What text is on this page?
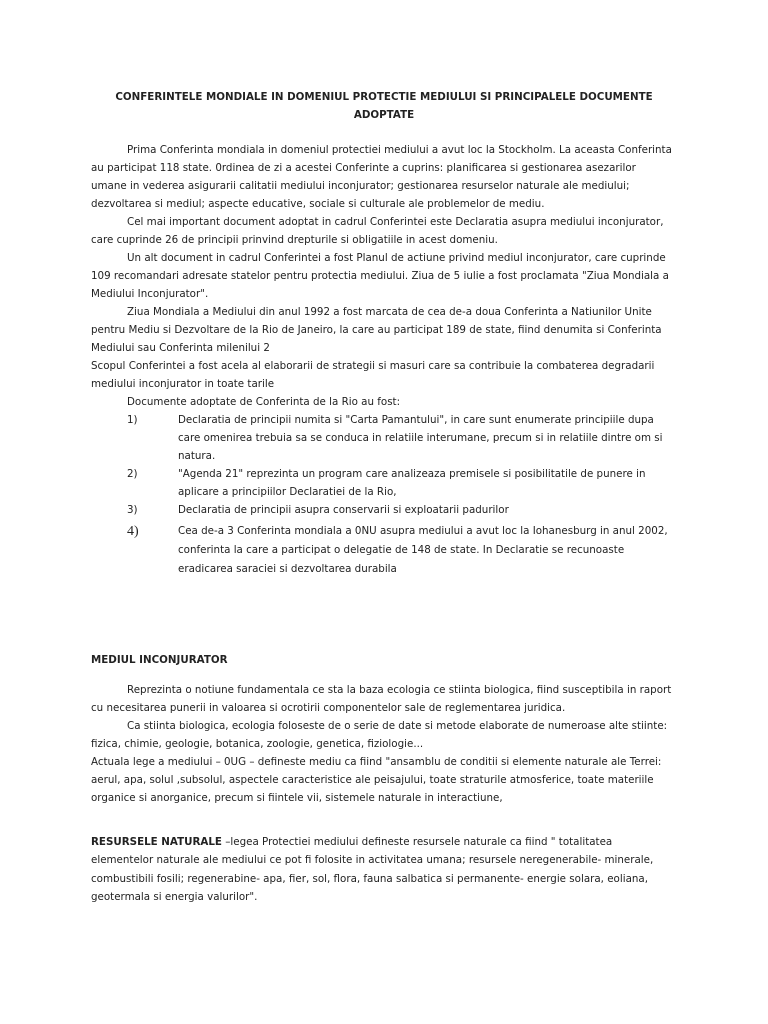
CONFERINTELE MONDIALE IN DOMENIUL PROTECTIE MEDIULUI SI PRINCIPALELE DOCUMENTE
ADOPTATE
Prima Conferinta mondiala in domeniul protectiei mediului a avut loc la Stockholm. La aceasta Conferinta
au participat 118 state. 0rdinea de zi a acestei Conferinte a cuprins: planificarea si gestionarea asezarilor
umane in vederea asigurarii calitatii mediului inconjurator; gestionarea resurselor naturale ale mediului;
dezvoltarea si mediul; aspecte educative, sociale si culturale ale problemelor de mediu.
Cel mai important document adoptat in cadrul Conferintei este Declaratia asupra mediului inconjurator,
care cuprinde 26 de principii prinvind drepturile si obligatiile in acest domeniu.
Un alt document in cadrul Conferintei a fost Planul de actiune privind mediul inconjurator, care cuprinde
109 recomandari adresate statelor pentru protectia mediului. Ziua de 5 iulie a fost proclamata "Ziua Mondiala a
Mediului Inconjurator".
Ziua Mondiala a Mediului din anul 1992 a fost marcata de cea de-a doua Conferinta a Natiunilor Unite
pentru Mediu si Dezvoltare de la Rio de Janeiro, la care au participat 189 de state, fiind denumita si Conferinta
Mediului sau Conferinta milenilui 2
Scopul Conferintei a fost acela al elaborarii de strategii si masuri care sa contribuie la combaterea degradarii
mediului inconjurator in toate tarile
Documente adoptate de Conferinta de la Rio au fost:
1)	Declaratia de principii numita si "Carta Pamantului", in care sunt enumerate principiile dupa
care omenirea trebuia sa se conduca in relatiile interumane, precum si in relatiile dintre om si
natura.
2)	"Agenda 21" reprezinta un program care analizeaza premisele si posibilitatile de punere in
aplicare a principiilor Declaratiei de la Rio,
3)	Declaratia de principii asupra conservarii si exploatarii padurilor
4)	Cea de-a 3 Conferinta mondiala a 0NU asupra mediului a avut loc la Iohanesburg in anul 2002,
conferinta la care a participat o delegatie de 148 de state. In Declaratie se recunoaste
eradicarea saraciei si dezvoltarea durabila
MEDIUL INCONJURATOR
Reprezinta o notiune fundamentala ce sta la baza ecologia ce stiinta biologica, fiind susceptibila in raport
cu necesitarea punerii in valoarea si ocrotirii componentelor sale de reglementarea juridica.
Ca stiinta biologica, ecologia foloseste de o serie de date si metode elaborate de numeroase alte stiinte:
fizica, chimie, geologie, botanica, zoologie, genetica, fiziologie...
Actuala lege a mediului – 0UG – defineste mediu ca fiind "ansamblu de conditii si elemente naturale ale Terrei:
aerul, apa, solul ,subsolul, aspectele caracteristice ale peisajului, toate straturile atmosferice, toate materiile
organice si anorganice, precum si fiintele vii, sistemele naturale in interactiune,
RESURSELE NATURALE –legea Protectiei mediului defineste resursele naturale ca fiind " totalitatea
elementelor naturale ale mediului ce pot fi folosite in activitatea umana; resursele neregenerabile- minerale,
combustibili fosili; regenerabine- apa, fier, sol, flora, fauna salbatica si permanente- energie solara, eoliana,
geotermala si energia valurilor".
